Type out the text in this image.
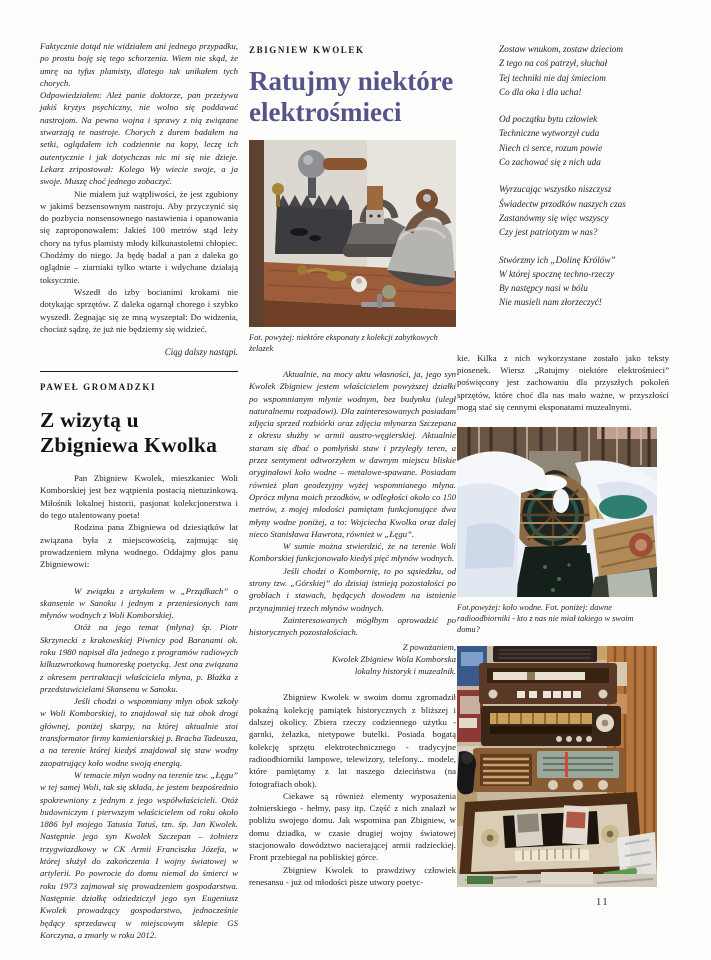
Faktycznie dotąd nie widziałem ani jednego przypadku, po prostu boję się tego schorzenia. Wiem nie skąd, że umrę na tyfus plamisty, dlatego tak unikałem tych chorych.

Odpowiedziałem: Ależ panie doktorze, pan przeżywa jakiś kryzys psychiczny, nie wolno się poddawać nastrojom. Na pewno wojna i sprawy z nią związane stwarzają te nastroje. Chorych z durem badałem na setki, oglądałem ich codziennie na kopy, leczę ich autentycznie i jak dotychczas nic mi się nie dzieje. Lekarz zripostował: Kolego Wy wiecie swoje, a ja swoje. Muszę choć jednego zobaczyć.

Nie miałem już wątpliwości, że jest zgubiony w jakimś bezsensownym nastroju. Aby przyczynić się do pozbycia nonsensownego nastawienia i opanowania się zaproponowałem: Jakieś 100 metrów stąd leży chory na tyfus plamisty młody kilkunastoletni chłopiec. Chodźmy do niego. Ja będę badał a pan z daleka go oglądnie – ziarniaki tylko wtarte i wdychane działają toksycznie.

Wszedł do izby bocianimi krokami nie dotykając sprzętów. Z daleka ogarnął chorego i szybko wyszedł. Żegnając się ze mną wyszeptał: Do widzenia, chociaż sądzę, że już nie będziemy się widzieć.

Ciąg dalszy nastąpi.

PAWEŁ GROMADZKI
Z wizytą u Zbigniewa Kwolka

Pan Zbigniew Kwolek, mieszkaniec Woli Komborskiej jest bez wątpienia postacią nietuzinkową. Miłośnik lokalnej historii, pasjonat kolekcjonerstwa i do tego utalentowany poeta!

Rodzina pana Zbigniewa od dziesiątków lat związana była z miejscowością, zajmując się prowadzeniem młyna wodnego. Oddajmy głos panu Zbigniewowi:

W związku z artykułem w „Prządkach” o skansenie w Sanoku i jednym z przeniesionych tam młynów wodnych z Woli Komborskiej.

Otóż na jego temat (młyna) śp. Piotr Skrzynecki z krakowskiej Piwnicy pod Baranami ok. roku 1980 napisał dla jednego z programów radiowych kilkuzwrotkową humoreskę poetycką. Jest ona związana z okresem pertraktacji właściciela młyna, p. Błażka z przedstawicielami Skansenu w Sanoku.

Jeśli chodzi o wspomniany młyn obok szkoły w Woli Komborskiej, to znajdował się tuż obok drogi głównej, poniżej skarpy, na której aktualnie stoi transformator firmy kamieniarskiej p. Bracha Tadeusza, a na terenie której kiedyś znajdował się staw wodny zaopatrujący koło wodne swoją energią.

W temacie młyn wodny na terenie tzw. „Łęgu” w tej samej Woli, tak się składa, że jestem bezpośrednio spokrewniony z jednym z jego współwłaścicieli. Otóż budowniczym i pierwszym właścicielem od roku około 1886 był mojego Tatusia Tatuś, tzn. śp. Jan Kwolek. Następnie jego syn Kwolek Szczepan – żołnierz trzygwiazdkowy w CK Armii Franciszka Józefa, w której służył do zakończenia I wojny światowej w artylerii. Po powrocie do domu niemal do śmierci w roku 1973 zajmował się prowadzeniem gospodarstwa. Następnie działkę odziedziczył jego syn Eugeniusz Kwolek prowadzący gospodarstwo, jednocześnie będący sprzedawcą w miejscowym sklepie GS Korczyna, a zmarły w roku 2012.

ZBIGNIEW KWOLEK
Ratujmy niektóre elektrośmieci

Fot. powyżej: niektóre eksponaty z kolekcji zabytkowych żelazek

Aktualnie, na mocy aktu własności, ja, jego syn Kwolek Zbigniew jestem właścicielem powyższej działki po wspomnianym młynie wodnym, bez budynku (uległ naturalnemu rozpadowi). Dla zainteresowanych posiadam zdjęcia sprzed rozbiórki oraz zdjęcia młynarza Szczepana z okresu służby w armii austro-węgierskiej. Aktualnie staram się dbać o pomłyński staw i przyległy teren, a przez sentyment odtworzyłem w dawnym miejscu bliskie oryginałowi koło wodne – metalowe-spawane. Posiadam również plan geodezyjny wyżej wspomnianego młyna. Oprócz młyna moich przodków, w odległości około co 150 metrów, z mojej młodości pamiętam funkcjonujące dwa młyny wodne poniżej, a to: Wojciecha Kwolka oraz dalej nieco Stanisława Hawrota, również w „Łęgu”.

W sumie można stwierdzić, że na terenie Woli Komborskiej funkcjonowało kiedyś pięć młynów wodnych.

Jeśli chodzi o Kombornię, to po sąsiedzku, od strony tzw. „Górskiej” do dzisiaj istnieją pozostałości po groblach i stawach, będących dowodem na istnienie przynajmniej trzech młynów wodnych.

Zainteresowanych mógłbym oprowadzić po historycznych pozostałościach.

Z poważaniem,
Kwolek Zbigniew Wola Komborska
lokalny historyk i muzealnik.

Zbigniew Kwolek w swoim domu zgromadził pokaźną kolekcję pamiątek historycznych z bliższej i dalszej okolicy. Zbiera rzeczy codziennego użytku - garnki, żelazka, nietypowe butelki. Posiada bogatą kolekcję sprzętu elektrotechnicznego - tradycyjne radioodbiorniki lampowe, telewizory, telefony... modele, które pamiętamy z lat naszego dzieciństwa (na fotografiach obok).

Ciekawe są również elementy wyposażenia żołnierskiego - hełmy, pasy itp. Część z nich znalazł w pobliżu swojego domu. Jak wspomina pan Zbigniew, w domu dziadka, w czasie drugiej wojny światowej stacjonowało dowództwo nacierającej armii radzieckiej. Front przebiegał na pobliskiej górce.

Zbigniew Kwolek to prawdziwy człowiek renesansu - już od młodości pisze utwory poetyc-

Zostaw wnukom, zostaw dzieciom
Z tego na coś patrzył, słuchał
Tej techniki nie daj śmieciom
Co dla oka i dla ucha!
Od początku bytu człowiek
Techniczne wytworzył cuda
Niech ci serce, rozum powie
Co zachować się z nich uda
Wyrzucając wszystko niszczysz
Świadectw przodków naszych czas
Zastanówmy się więc wszyscy
Czy jest patriotyzm w nas?
Stwórzmy ich „Dolinę Królów”
W której spocznę techno-rzeczy
By następcy nasi w bólu
Nie musieli nam złorzeczyć!

kie. Kilka z nich wykorzystane zostało jako teksty piosenek. Wiersz „Ratujmy niektóre elektrośmieci” poświęcony jest zachowaniu dla przyszłych pokoleń sprzętów, które choć dla nas mało ważne, w przyszłości mogą stać się cennymi eksponatami muzealnymi.

Fot.powyżej: koło wodne. Fot. poniżej: dawne radioodbiorniki - kto z nas nie miał takiego w swoim domu?

11
